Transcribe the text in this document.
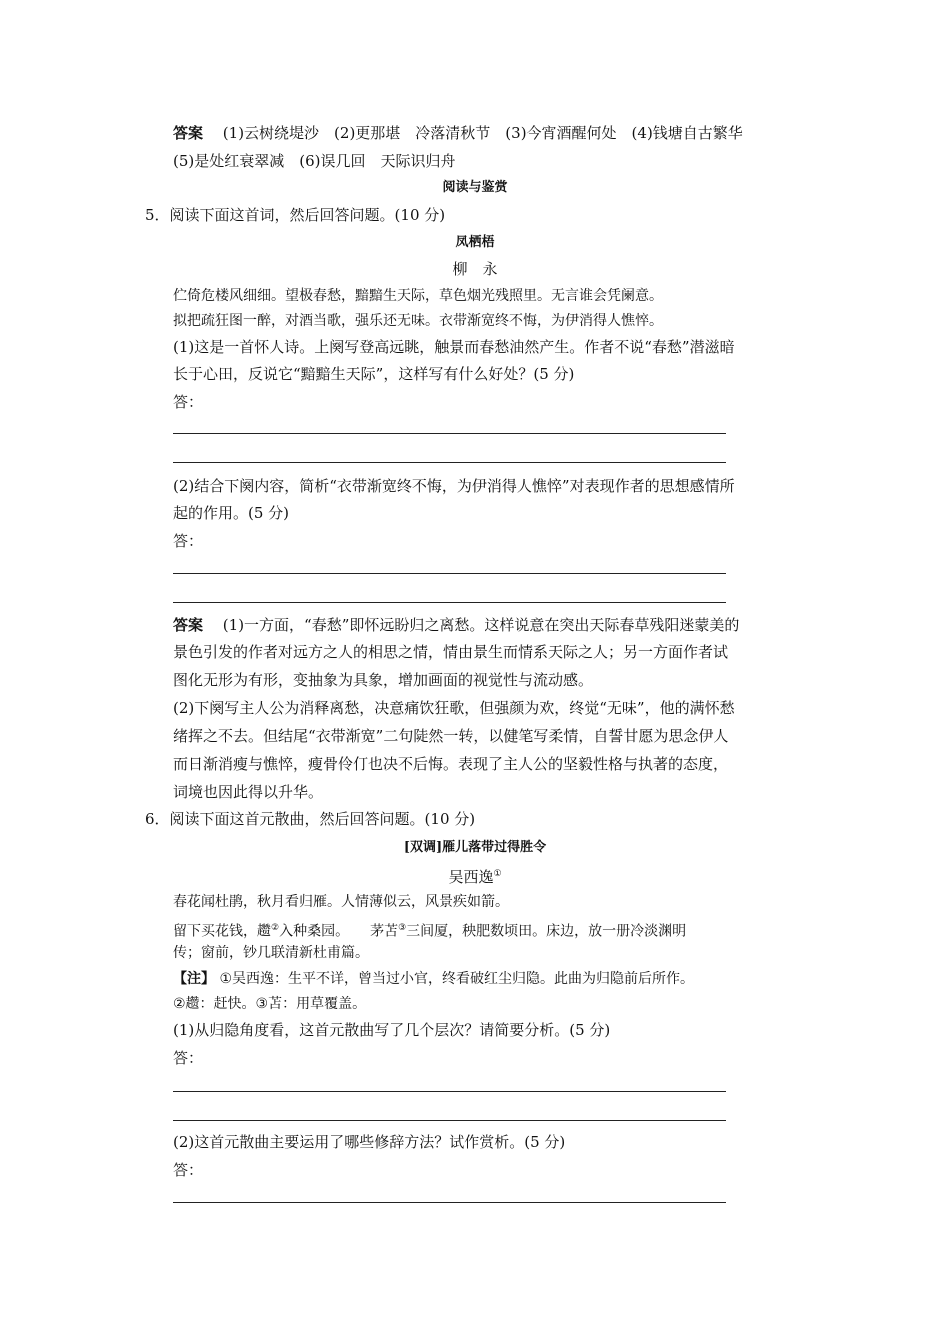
答案　 (1)云树绕堤沙　(2)更那堪　冷落清秋节　(3)今宵酒醒何处　(4)钱塘自古繁华
(5)是处红衰翠减　(6)误几回　天际识归舟
阅读与鉴赏
5．阅读下面这首词，然后回答问题。(10 分)
凤栖梧
柳　永
伫倚危楼风细细。望极春愁，黯黯生天际，草色烟光残照里。无言谁会凭阑意。
拟把疏狂图一醉，对酒当歌，强乐还无味。衣带渐宽终不悔，为伊消得人憔悴。
(1)这是一首怀人诗。上阕写登高远眺，触景而春愁油然产生。作者不说“春愁”潜滋暗
长于心田，反说它“黯黯生天际”，这样写有什么好处？(5 分)
答：
(2)结合下阕内容，简析“衣带渐宽终不悔，为伊消得人憔悴”对表现作者的思想感情所
起的作用。(5 分)
答：
答案　 (1)一方面，“春愁”即怀远盼归之离愁。这样说意在突出天际春草残阳迷蒙美的
景色引发的作者对远方之人的相思之情，情由景生而情系天际之人；另一方面作者试
图化无形为有形，变抽象为具象，增加画面的视觉性与流动感。
(2)下阕写主人公为消释离愁，决意痛饮狂歌，但强颜为欢，终觉“无味”，他的满怀愁
绪挥之不去。但结尾“衣带渐宽”二句陡然一转，以健笔写柔情，自誓甘愿为思念伊人
而日渐消瘦与憔悴，瘦骨伶仃也决不后悔。表现了主人公的坚毅性格与执著的态度，
词境也因此得以升华。
6．阅读下面这首元散曲，然后回答问题。(10 分)
[双调]雁儿落带过得胜令
吴西逸①
春花闻杜鹃，秋月看归雁。人情薄似云，风景疾如箭。
留下买花钱，趱②入种桑园。　　茅苫③三间厦，秧肥数顷田。床边，放一册冷淡渊明
传；窗前，钞几联清新杜甫篇。
【注】 ①吴西逸：生平不详，曾当过小官，终看破红尘归隐。此曲为归隐前后所作。
②趱：赶快。③苫：用草覆盖。
(1)从归隐角度看，这首元散曲写了几个层次？请简要分析。(5 分)
答：
(2)这首元散曲主要运用了哪些修辞方法？试作赏析。(5 分)
答：
